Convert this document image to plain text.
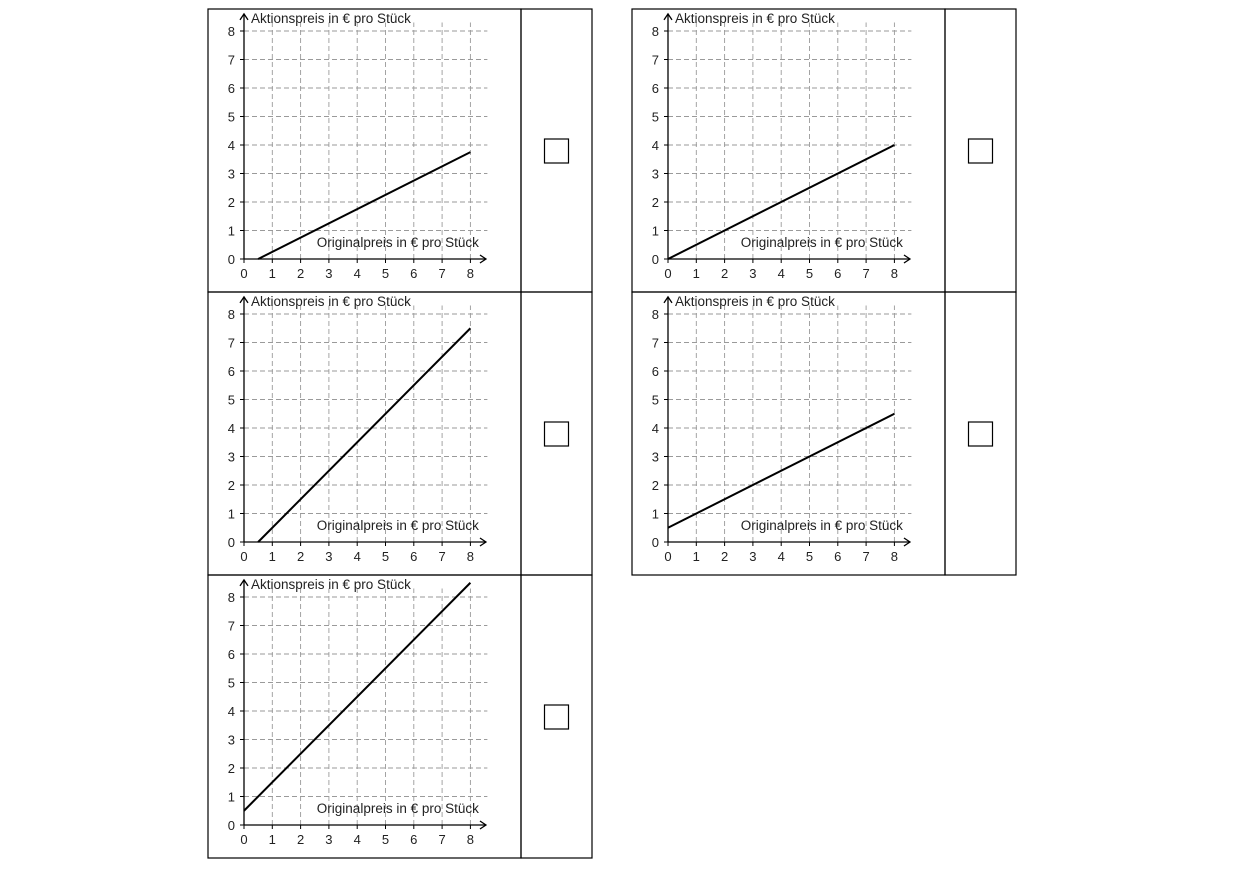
0 1 2 3 4 5 6 7 8
0
1
2
3
4
5
6
7
8
Aktionspreis in € pro Stück
Originalpreis in € pro Stück
0 1 2 3 4 5 6 7 8
0
1
2
3
4
5
6
7
8
Aktionspreis in € pro Stück
Originalpreis in € pro Stück
0 1 2 3 4 5 6 7 8
0
1
2
3
4
5
6
7
8
Aktionspreis in € pro Stück
Originalpreis in € pro Stück
0 1 2 3 4 5 6 7 8
0
1
2
3
4
5
6
7
8
Aktionspreis in € pro Stück
Originalpreis in € pro Stück
0 1 2 3 4 5 6 7 8
0
1
2
3
4
5
6
7
8
Aktionspreis in € pro Stück
Originalpreis in € pro Stück
